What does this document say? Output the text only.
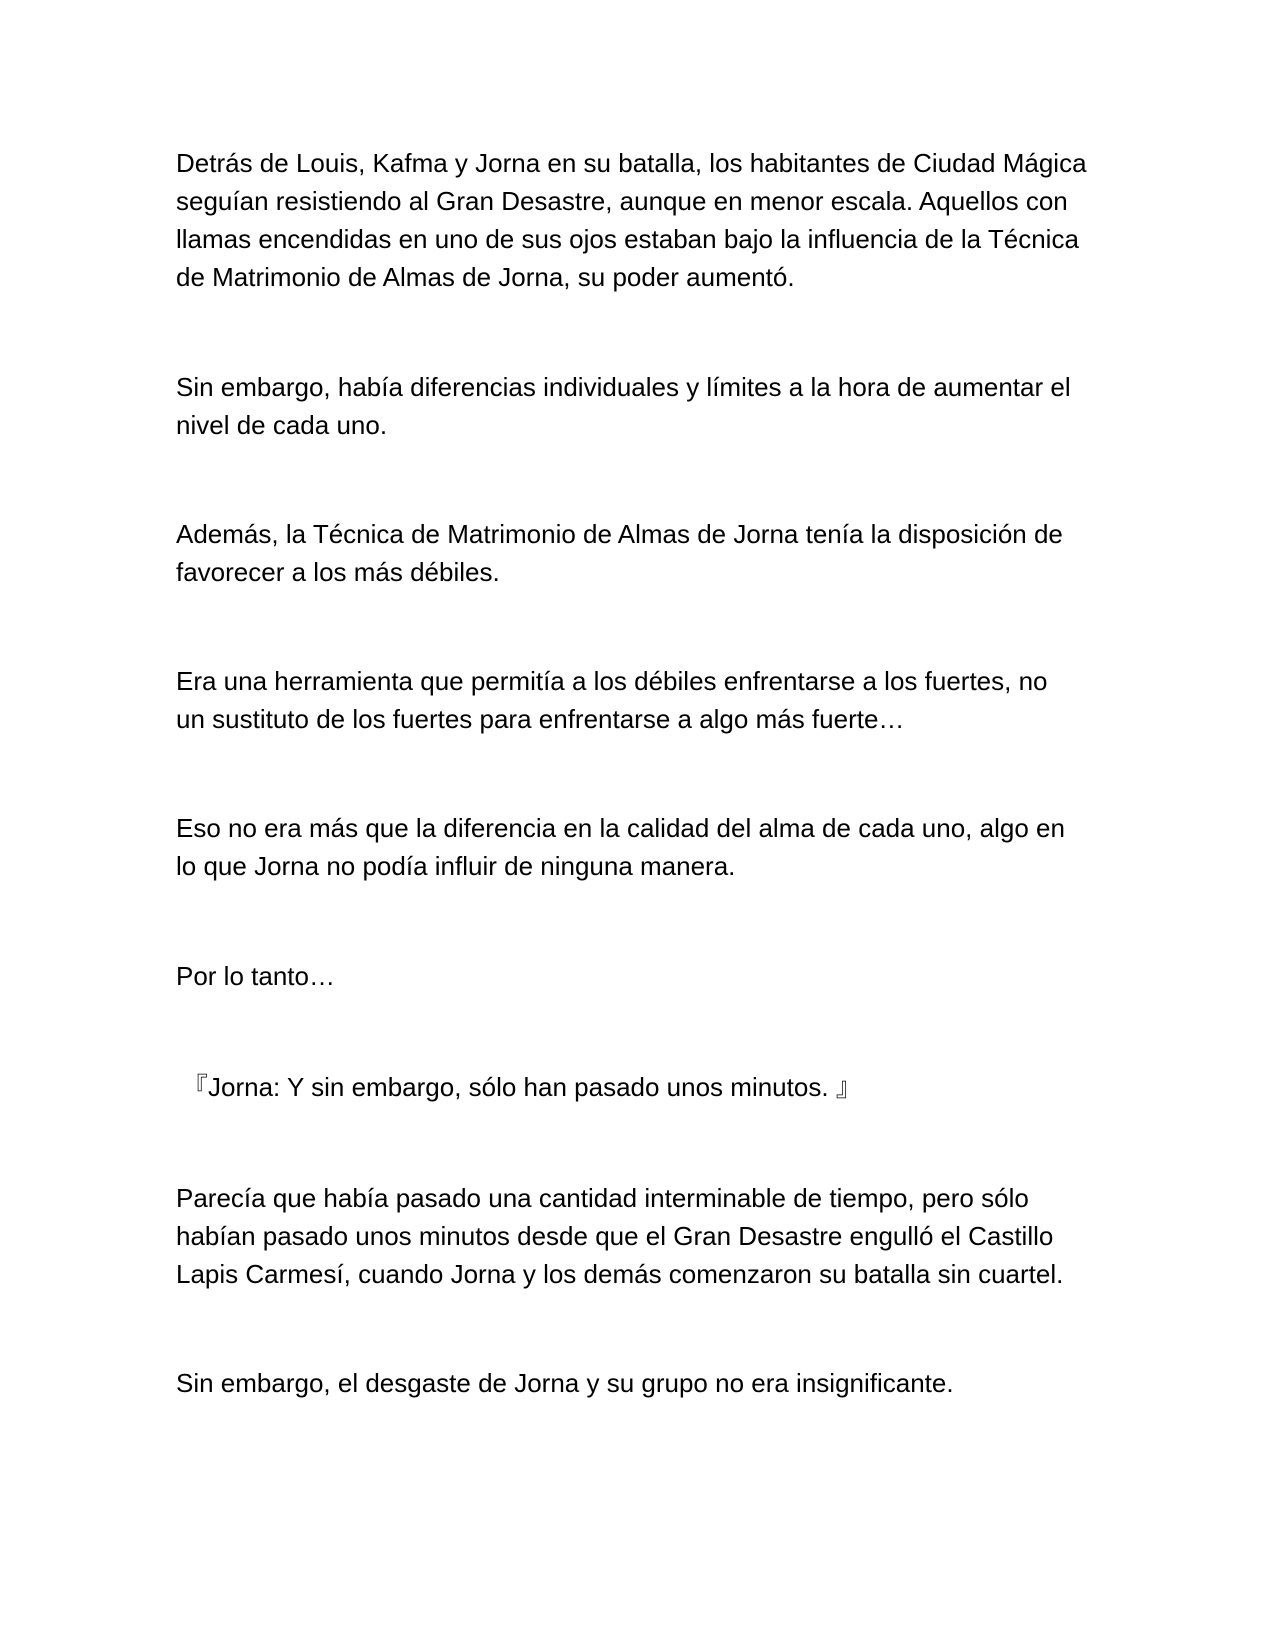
Detrás de Louis, Kafma y Jorna en su batalla, los habitantes de Ciudad Mágica
seguían resistiendo al Gran Desastre, aunque en menor escala. Aquellos con
llamas encendidas en uno de sus ojos estaban bajo la influencia de la Técnica
de Matrimonio de Almas de Jorna, su poder aumentó.

Sin embargo, había diferencias individuales y límites a la hora de aumentar el
nivel de cada uno.

Además, la Técnica de Matrimonio de Almas de Jorna tenía la disposición de
favorecer a los más débiles.

Era una herramienta que permitía a los débiles enfrentarse a los fuertes, no
un sustituto de los fuertes para enfrentarse a algo más fuerte…

Eso no era más que la diferencia en la calidad del alma de cada uno, algo en
lo que Jorna no podía influir de ninguna manera.

Por lo tanto…

『Jorna: Y sin embargo, sólo han pasado unos minutos. 』

Parecía que había pasado una cantidad interminable de tiempo, pero sólo
habían pasado unos minutos desde que el Gran Desastre engulló el Castillo
Lapis Carmesí, cuando Jorna y los demás comenzaron su batalla sin cuartel.

Sin embargo, el desgaste de Jorna y su grupo no era insignificante.
